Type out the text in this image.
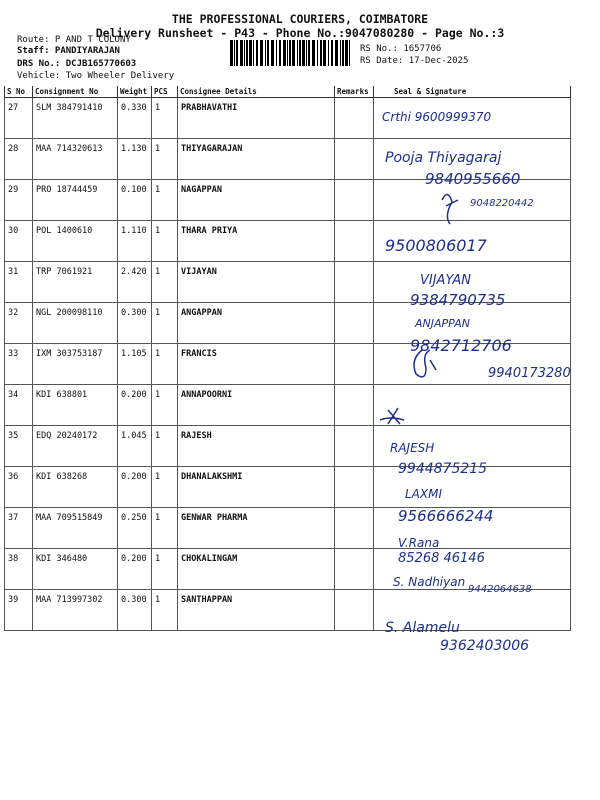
THE PROFESSIONAL COURIERS, COIMBATORE
Delivery Runsheet - P43 - Phone No.:9047080280 - Page No.:3
Route: P AND T COLONY
Staff: PANDIYARAJAN
DRS No.: DCJB165770603
Vehicle: Two Wheeler Delivery
RS No.: 1657706
RS Date: 17-Dec-2025
S No	Consignment No	Weight	PCS	Consignee Details	Remarks	Seal & Signature
27	SLM 384791410	0.330	1	PRABHAVATHI		
28	MAA 714320613	1.130	1	THIYAGARAJAN		
29	PRO 18744459	0.100	1	NAGAPPAN		
30	POL 1400610	1.110	1	THARA PRIYA		
31	TRP 7061921	2.420	1	VIJAYAN		
32	NGL 200098110	0.300	1	ANGAPPAN		
33	IXM 303753187	1.105	1	FRANCIS		
34	KDI 638801	0.200	1	ANNAPOORNI		
35	EDQ 20240172	1.045	1	RAJESH		
36	KDI 638268	0.200	1	DHANALAKSHMI		
37	MAA 709515849	0.250	1	GENWAR PHARMA		
38	KDI 346480	0.200	1	CHOKALINGAM		
39	MAA 713997302	0.300	1	SANTHAPPAN		
Crthi 9600999370
Pooja Thiyagaraj
9840955660
9048220442
9500806017
VIJAYAN
9384790735
ANJAPPAN
9842712706
9940173280
RAJESH
9944875215
LAXMI
9566666244
V.Rana
85268 46146
S. Nadhiyan
9442064638
S. Alamelu
9362403006
